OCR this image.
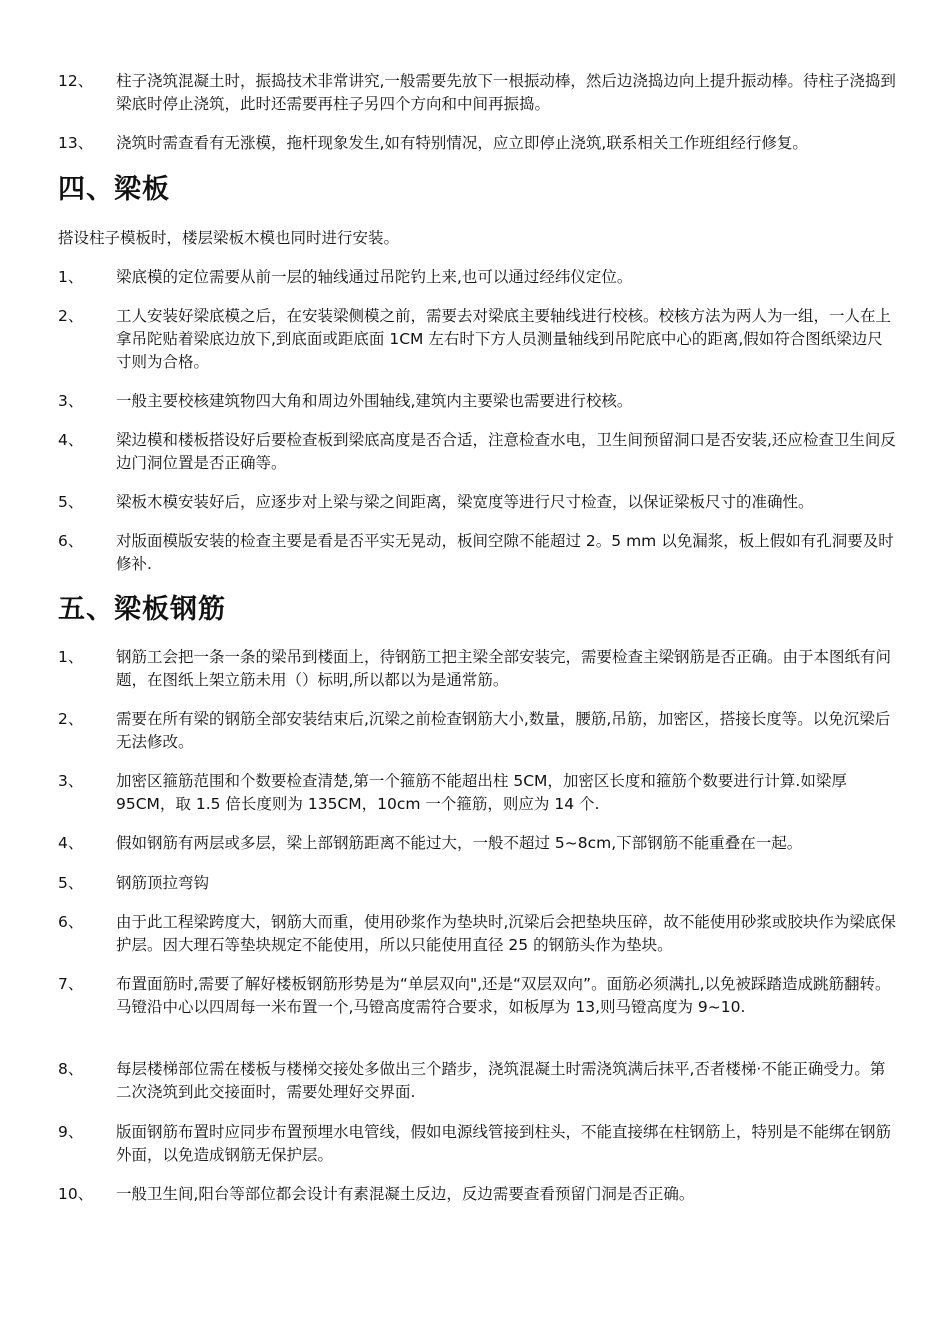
12、	柱子浇筑混凝土时，振捣技术非常讲究,一般需要先放下一根振动棒，然后边浇捣边向上提升振动棒。待柱子浇捣到梁底时停止浇筑，此时还需要再柱子另四个方向和中间再振捣。
13、	浇筑时需查看有无涨模，拖杆现象发生,如有特别情况，应立即停止浇筑,联系相关工作班组经行修复。
四、梁板
搭设柱子模板时，楼层梁板木模也同时进行安装。
1、	梁底模的定位需要从前一层的轴线通过吊陀钓上来,也可以通过经纬仪定位。
2、	工人安装好梁底模之后，在安装梁侧模之前，需要去对梁底主要轴线进行校核。校核方法为两人为一组，一人在上拿吊陀贴着梁底边放下,到底面或距底面 1CM 左右时下方人员测量轴线到吊陀底中心的距离,假如符合图纸梁边尺寸则为合格。
3、	一般主要校核建筑物四大角和周边外围轴线,建筑内主要梁也需要进行校核。
4、	梁边模和楼板搭设好后要检查板到梁底高度是否合适，注意检查水电，卫生间预留洞口是否安装,还应检查卫生间反边门洞位置是否正确等。
5、	梁板木模安装好后，应逐步对上梁与梁之间距离，梁宽度等进行尺寸检查，以保证梁板尺寸的准确性。
6、	对版面模版安装的检查主要是看是否平实无晃动，板间空隙不能超过 2。5 mm 以免漏浆，板上假如有孔洞要及时修补.
五、梁板钢筋
1、	钢筋工会把一条一条的梁吊到楼面上，待钢筋工把主梁全部安装完，需要检查主梁钢筋是否正确。由于本图纸有问题，在图纸上架立筋未用（）标明,所以都以为是通常筋。
2、	需要在所有梁的钢筋全部安装结束后,沉梁之前检查钢筋大小,数量，腰筋,吊筋，加密区，搭接长度等。以免沉梁后无法修改。
3、	加密区箍筋范围和个数要检查清楚,第一个箍筋不能超出柱 5CM，加密区长度和箍筋个数要进行计算.如梁厚 95CM，取 1.5 倍长度则为 135CM，10cm 一个箍筋，则应为 14 个.
4、	假如钢筋有两层或多层，梁上部钢筋距离不能过大，一般不超过 5~8cm,下部钢筋不能重叠在一起。
5、	钢筋顶拉弯钩
6、	由于此工程梁跨度大，钢筋大而重，使用砂浆作为垫块时,沉梁后会把垫块压碎，故不能使用砂浆或胶块作为梁底保护层。因大理石等垫块规定不能使用，所以只能使用直径 25 的钢筋头作为垫块。
7、	布置面筋时,需要了解好楼板钢筋形势是为“单层双向",还是“双层双向”。面筋必须满扎,以免被踩踏造成跳筋翻转。马镫沿中心以四周每一米布置一个,马镫高度需符合要求，如板厚为 13,则马镫高度为 9~10.
8、	每层楼梯部位需在楼板与楼梯交接处多做出三个踏步，浇筑混凝土时需浇筑满后抹平,否者楼梯·不能正确受力。第二次浇筑到此交接面时，需要处理好交界面.
9、	版面钢筋布置时应同步布置预埋水电管线，假如电源线管接到柱头，不能直接绑在柱钢筋上，特别是不能绑在钢筋外面，以免造成钢筋无保护层。
10、	一般卫生间,阳台等部位都会设计有素混凝土反边，反边需要查看预留门洞是否正确。
